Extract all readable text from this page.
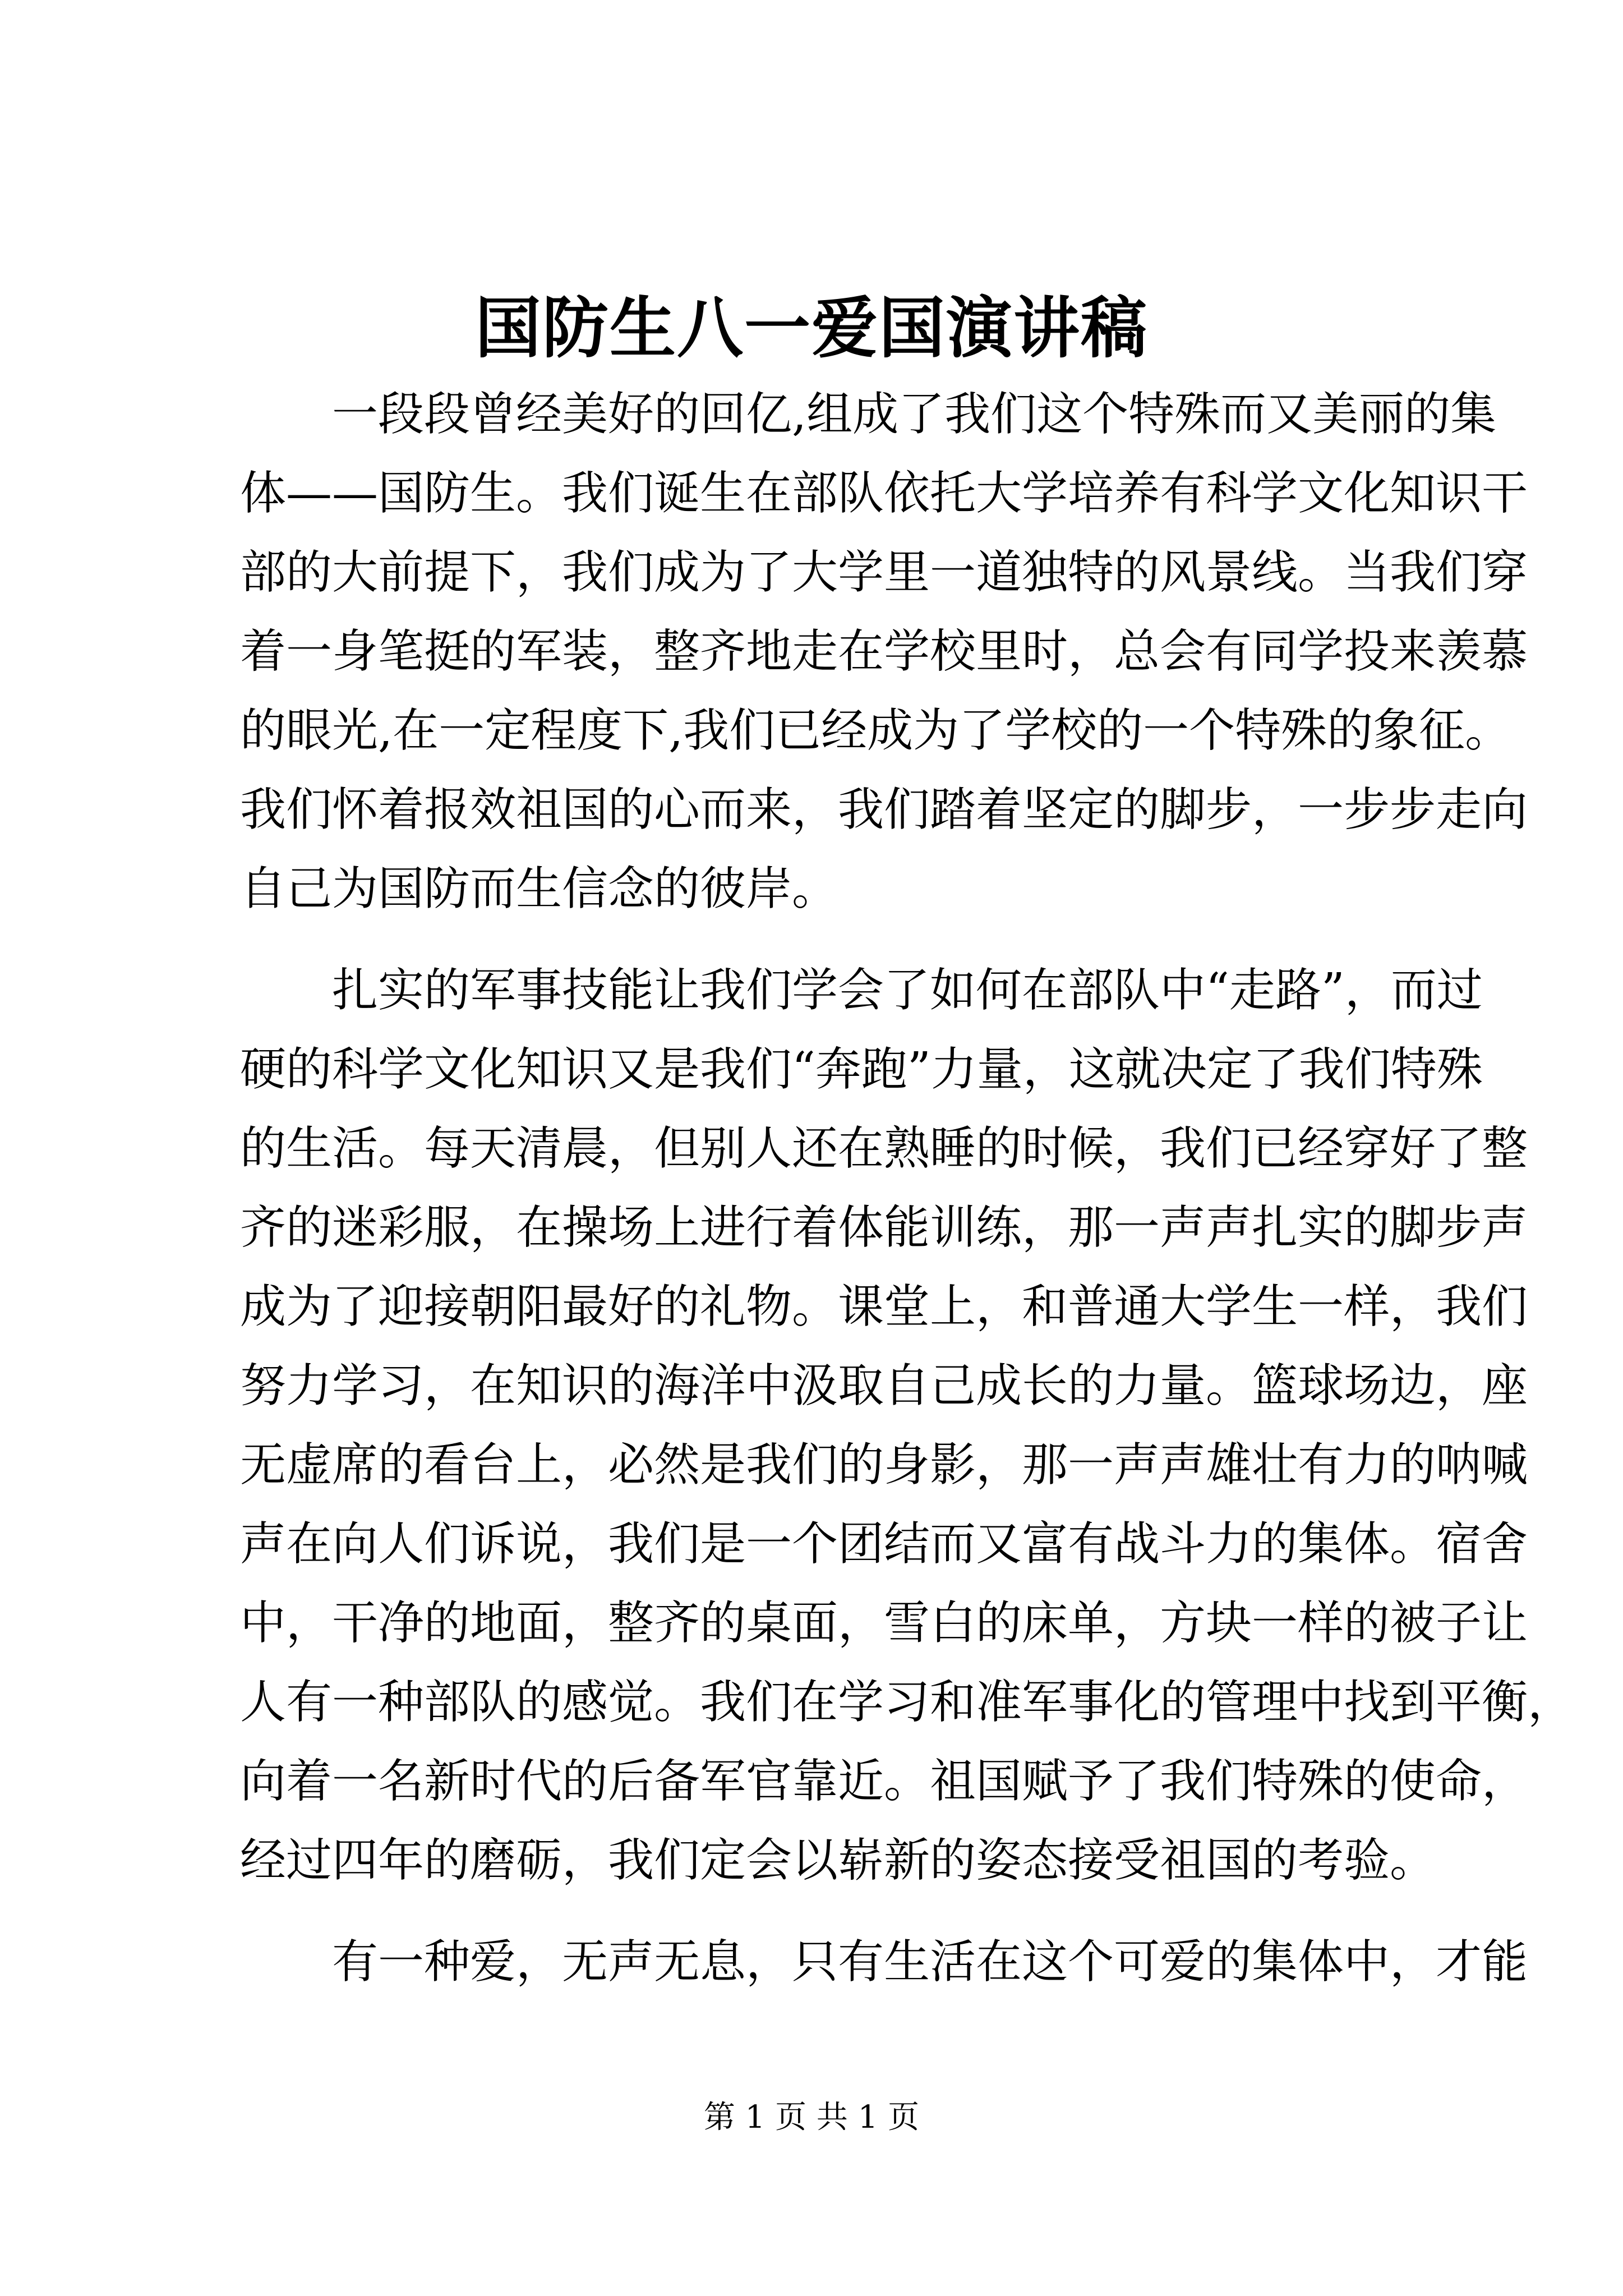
国防生八一爱国演讲稿
一段段曾经美好的回亿,组成了我们这个特殊而又美丽的集
体——国防生。我们诞生在部队依托大学培养有科学文化知识干
部的大前提下，我们成为了大学里一道独特的风景线。当我们穿
着一身笔挺的军装，整齐地走在学校里时，总会有同学投来羡慕
的眼光,在一定程度下,我们已经成为了学校的一个特殊的象征。
我们怀着报效祖国的心而来，我们踏着坚定的脚步，一步步走向
自己为国防而生信念的彼岸。
扎实的军事技能让我们学会了如何在部队中“走路”，而过
硬的科学文化知识又是我们“奔跑”力量，这就决定了我们特殊
的生活。每天清晨，但别人还在熟睡的时候，我们已经穿好了整
齐的迷彩服，在操场上进行着体能训练，那一声声扎实的脚步声
成为了迎接朝阳最好的礼物。课堂上，和普通大学生一样，我们
努力学习，在知识的海洋中汲取自己成长的力量。篮球场边，座
无虚席的看台上，必然是我们的身影，那一声声雄壮有力的呐喊
声在向人们诉说，我们是一个团结而又富有战斗力的集体。宿舍
中，干净的地面，整齐的桌面，雪白的床单，方块一样的被子让
人有一种部队的感觉。我们在学习和准军事化的管理中找到平衡，
向着一名新时代的后备军官靠近。祖国赋予了我们特殊的使命，
经过四年的磨砺，我们定会以崭新的姿态接受祖国的考验。
有一种爱，无声无息，只有生活在这个可爱的集体中，才能
第 1 页 共 1 页
